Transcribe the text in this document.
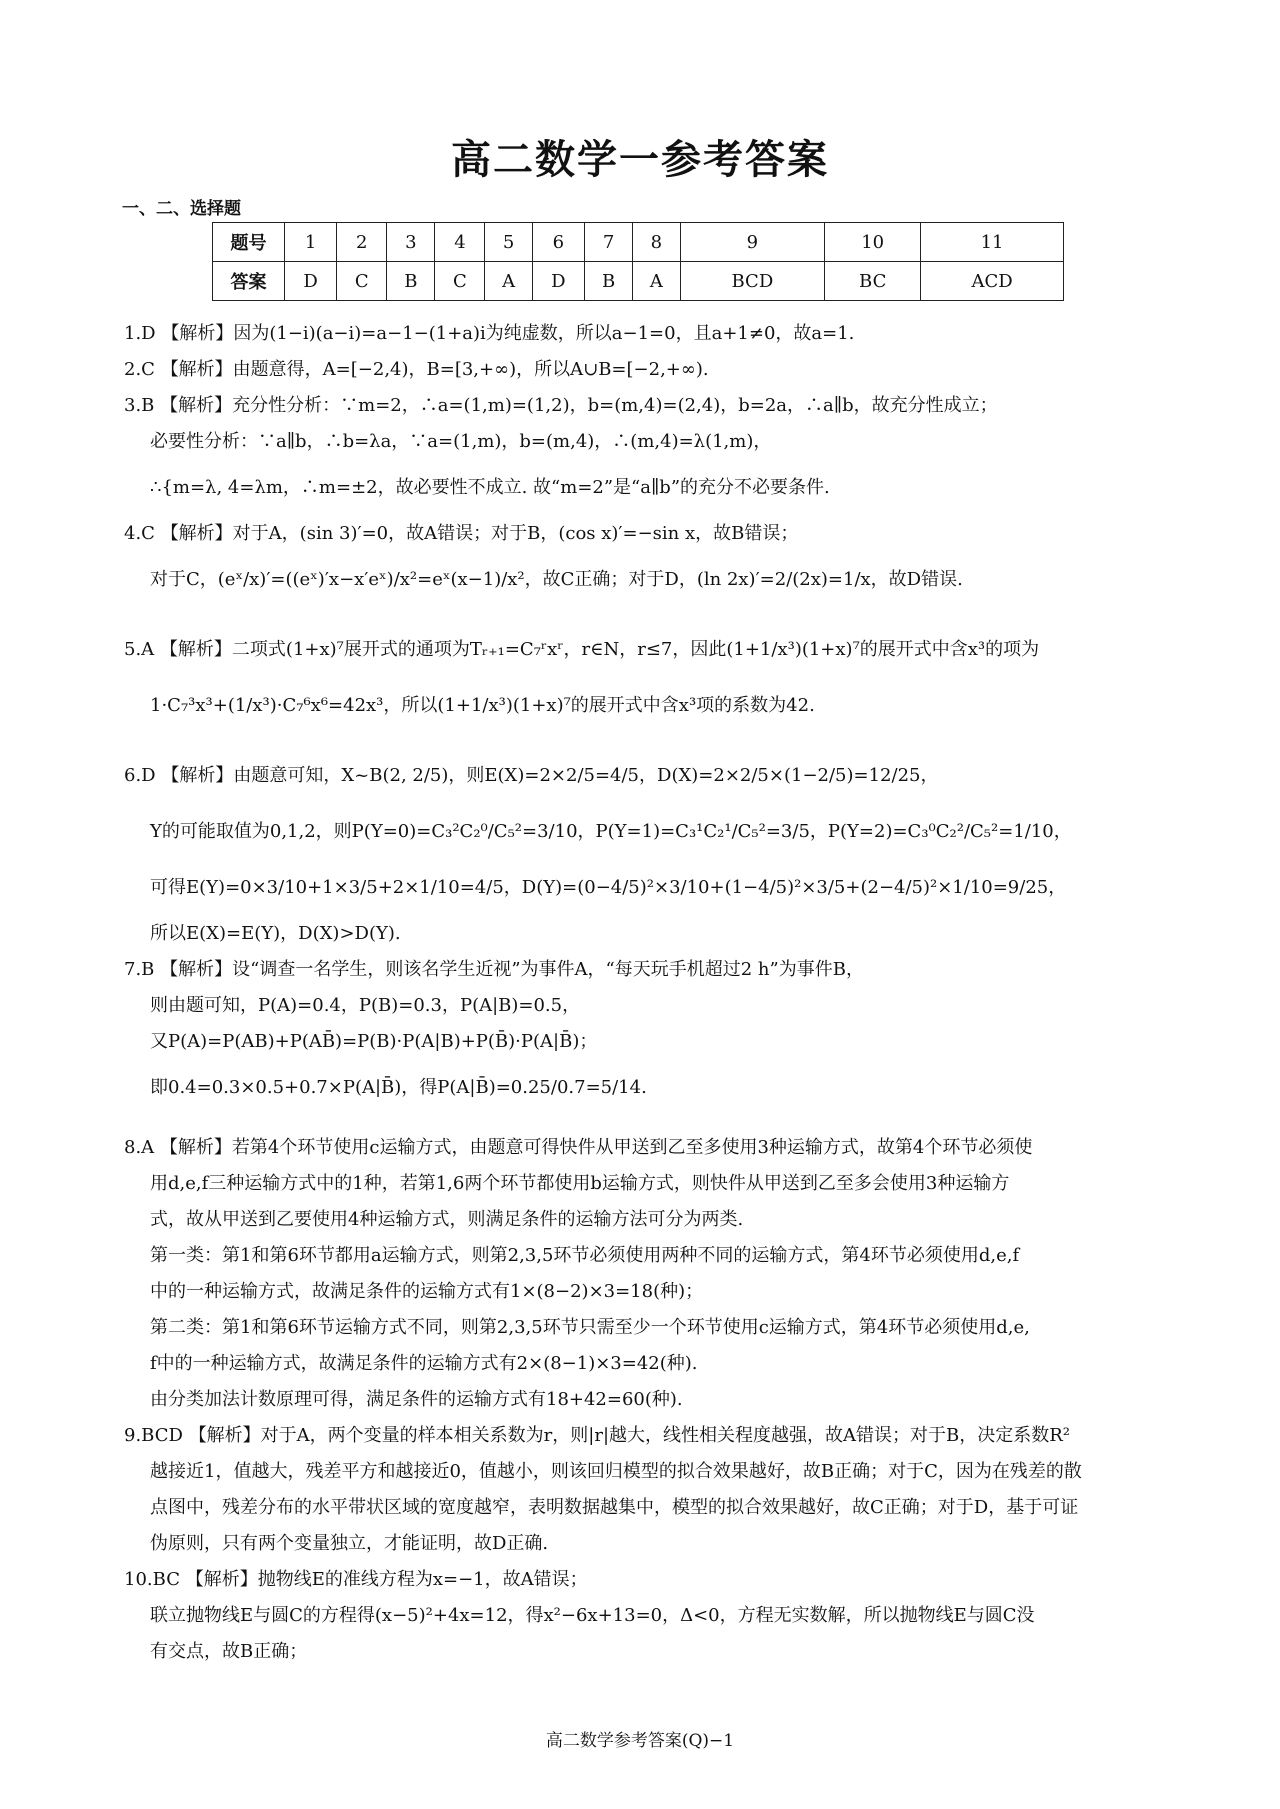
高二数学一参考答案
一、二、选择题
题号	1	2	3	4	5	6	7	8	9	10	11
答案	D	C	B	C	A	D	B	A	BCD	BC	ACD
1.D 【解析】因为(1−i)(a−i)=a−1−(1+a)i为纯虚数，所以a−1=0，且a+1≠0，故a=1.
2.C 【解析】由题意得，A=[−2,4)，B=[3,+∞)，所以A∪B=[−2,+∞).
3.B 【解析】充分性分析：∵m=2，∴a=(1,m)=(1,2)，b=(m,4)=(2,4)，b=2a，∴a∥b，故充分性成立；
必要性分析：∵a∥b，∴b=λa，∵a=(1,m)，b=(m,4)，∴(m,4)=λ(1,m)，
∴{m=λ, 4=λm，∴m=±2，故必要性不成立. 故“m=2”是“a∥b”的充分不必要条件.
4.C 【解析】对于A，(sin 3)′=0，故A错误；对于B，(cos x)′=−sin x，故B错误；
对于C，(eˣ/x)′=((eˣ)′x−x′eˣ)/x²=eˣ(x−1)/x²，故C正确；对于D，(ln 2x)′=2/(2x)=1/x，故D错误.
5.A 【解析】二项式(1+x)⁷展开式的通项为Tᵣ₊₁=C₇ʳxʳ，r∈N，r≤7，因此(1+1/x³)(1+x)⁷的展开式中含x³的项为
1·C₇³x³+(1/x³)·C₇⁶x⁶=42x³，所以(1+1/x³)(1+x)⁷的展开式中含x³项的系数为42.
6.D 【解析】由题意可知，X~B(2, 2/5)，则E(X)=2×2/5=4/5，D(X)=2×2/5×(1−2/5)=12/25，
Y的可能取值为0,1,2，则P(Y=0)=C₃²C₂⁰/C₅²=3/10，P(Y=1)=C₃¹C₂¹/C₅²=3/5，P(Y=2)=C₃⁰C₂²/C₅²=1/10，
可得E(Y)=0×3/10+1×3/5+2×1/10=4/5，D(Y)=(0−4/5)²×3/10+(1−4/5)²×3/5+(2−4/5)²×1/10=9/25，
所以E(X)=E(Y)，D(X)>D(Y).
7.B 【解析】设“调查一名学生，则该名学生近视”为事件A，“每天玩手机超过2 h”为事件B，
则由题可知，P(A)=0.4，P(B)=0.3，P(A|B)=0.5，
又P(A)=P(AB)+P(AB̄)=P(B)·P(A|B)+P(B̄)·P(A|B̄)；
即0.4=0.3×0.5+0.7×P(A|B̄)，得P(A|B̄)=0.25/0.7=5/14.
8.A 【解析】若第4个环节使用c运输方式，由题意可得快件从甲送到乙至多使用3种运输方式，故第4个环节必须使
用d,e,f三种运输方式中的1种，若第1,6两个环节都使用b运输方式，则快件从甲送到乙至多会使用3种运输方
式，故从甲送到乙要使用4种运输方式，则满足条件的运输方法可分为两类.
第一类：第1和第6环节都用a运输方式，则第2,3,5环节必须使用两种不同的运输方式，第4环节必须使用d,e,f
中的一种运输方式，故满足条件的运输方式有1×(8−2)×3=18(种)；
第二类：第1和第6环节运输方式不同，则第2,3,5环节只需至少一个环节使用c运输方式，第4环节必须使用d,e,
f中的一种运输方式，故满足条件的运输方式有2×(8−1)×3=42(种).
由分类加法计数原理可得，满足条件的运输方式有18+42=60(种).
9.BCD 【解析】对于A，两个变量的样本相关系数为r，则|r|越大，线性相关程度越强，故A错误；对于B，决定系数R²
越接近1，值越大，残差平方和越接近0，值越小，则该回归模型的拟合效果越好，故B正确；对于C，因为在残差的散
点图中，残差分布的水平带状区域的宽度越窄，表明数据越集中，模型的拟合效果越好，故C正确；对于D，基于可证
伪原则，只有两个变量独立，才能证明，故D正确.
10.BC 【解析】抛物线E的准线方程为x=−1，故A错误；
联立抛物线E与圆C的方程得(x−5)²+4x=12，得x²−6x+13=0，Δ<0，方程无实数解，所以抛物线E与圆C没
有交点，故B正确；
高二数学参考答案(Q)−1
